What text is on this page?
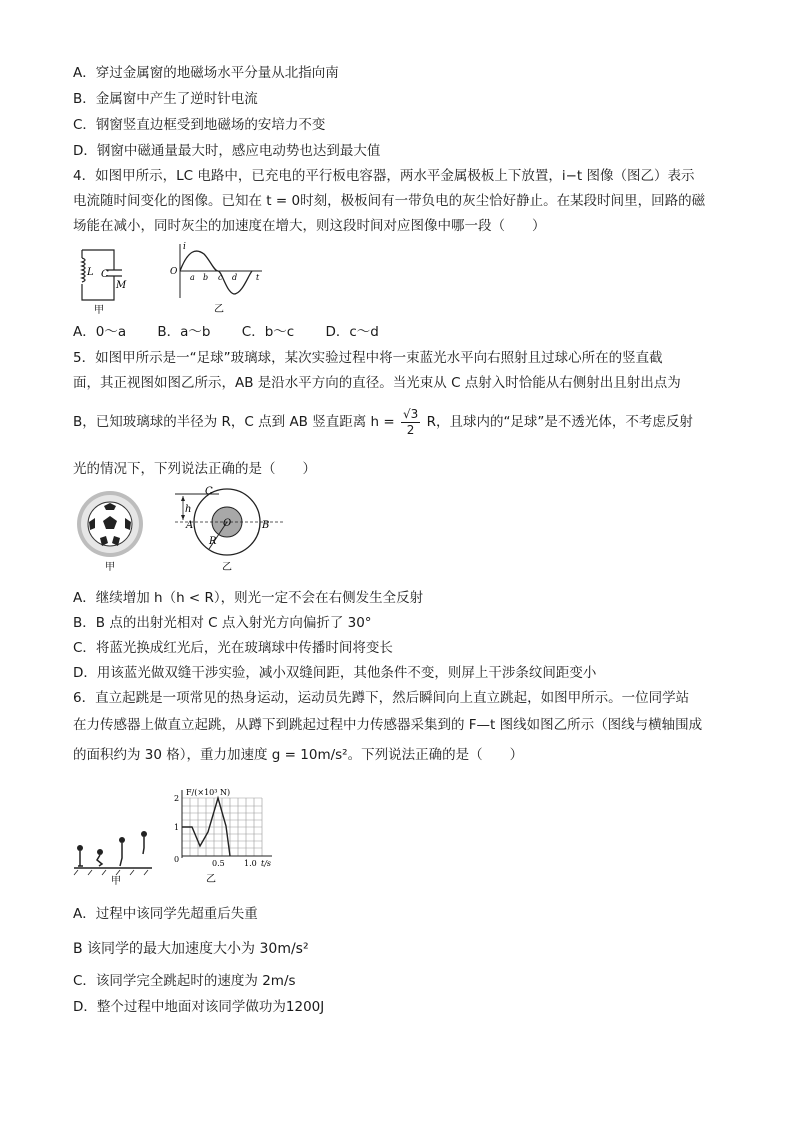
A．穿过金属窗的地磁场水平分量从北指向南
B．金属窗中产生了逆时针电流
C．钢窗竖直边框受到地磁场的安培力不变
D．钢窗中磁通量最大时，感应电动势也达到最大值
4．如图甲所示，LC 电路中，已充电的平行板电容器，两水平金属极板上下放置，i−t 图像（图乙）表示
电流随时间变化的图像。已知在 t = 0时刻，极板间有一带负电的灰尘恰好静止。在某段时间里，回路的磁
场能在减小，同时灰尘的加速度在增大，则这段时间对应图像中哪一段（　　）
L C
M
甲
i
O
a b c d t
乙
A．0～a　　 B．a～b　　 C．b～c　　 D．c～d
5．如图甲所示是一“足球”玻璃球，某次实验过程中将一束蓝光水平向右照射且过球心所在的竖直截
面，其正视图如图乙所示，AB 是沿水平方向的直径。当光束从 C 点射入时恰能从右侧射出且射出点为
B，已知玻璃球的半径为 R，C 点到 AB 竖直距离 $h = \frac{√3}{2}$ R，且球内的“足球”是不透光体，不考虑反射
光的情况下，下列说法正确的是（　　）
甲
C
h
A	O	B
R
乙
A．继续增加 h（h < R），则光一定不会在右侧发生全反射
B．B 点的出射光相对 C 点入射光方向偏折了 30°
C．将蓝光换成红光后，光在玻璃球中传播时间将变长
D．用该蓝光做双缝干涉实验，减小双缝间距，其他条件不变，则屏上干涉条纹间距变小
6．直立起跳是一项常见的热身运动，运动员先蹲下，然后瞬间向上直立跳起，如图甲所示。一位同学站
在力传感器上做直立起跳，从蹲下到跳起过程中力传感器采集到的 F—t 图线如图乙所示（图线与横轴围成
的面积约为 30 格），重力加速度 g = 10m/s²。下列说法正确的是（　　）
甲
F/(×10³ N)
2
1
0	0.5 1.0 t/s
乙
A．过程中该同学先超重后失重
B 该同学的最大加速度大小为 30m/s²
C．该同学完全跳起时的速度为 2m/s
D．整个过程中地面对该同学做功为1200J
